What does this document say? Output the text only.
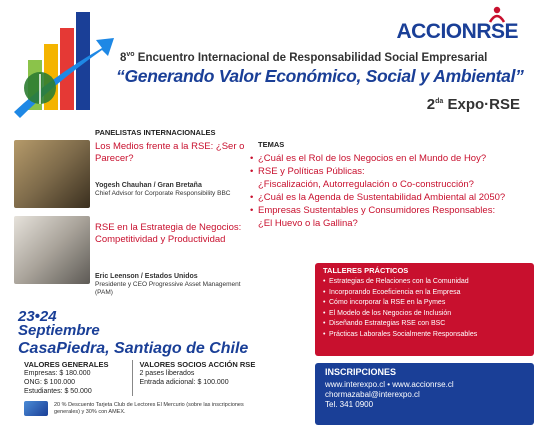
ACCIONRSE
$8^{vo}$ Encuentro Internacional de Responsabilidad Social Empresarial
“Generando Valor Económico, Social y Ambiental”
$2^{da}$ Expo·RSE
PANELISTAS INTERNACIONALES
Los Medios frente a la RSE: ¿Ser o Parecer?
Yogesh Chauhan / Gran Bretaña
Chief Advisor for Corporate Responsibility BBC
RSE en la Estrategia de Negocios: Competitividad y Productividad
Eric Leenson / Estados Unidos
Presidente y CEO Progressive Asset Management (PAM)
TEMAS
• ¿Cuál es el Rol de los Negocios en el Mundo de Hoy?
• RSE y Políticas Públicas:
¿Fiscalización, Autorregulación o Co-construcción?
• ¿Cuál es la Agenda de Sustentabilidad Ambiental al 2050?
• Empresas Sustentables y Consumidores Responsables:
¿El Huevo o la Gallina?
TALLERES PRÁCTICOS
• Estrategias de Relaciones con la Comunidad
• Incorporando Ecoeficiencia en la Empresa
• Cómo incorporar la RSE en la Pymes
• El Modelo de los Negocios de Inclusión
• Diseñando Estrategias RSE con BSC
• Prácticas Laborales Socialmente Responsables
23•24
Septiembre
CasaPiedra, Santiago de Chile
VALORES GENERALES
Empresas: $ 180.000
ONG: $ 100.000
Estudiantes: $ 50.000
VALORES SOCIOS ACCIÓN RSE
2 pases liberados
Entrada adicional: $ 100.000
20 % Descuento Tarjeta Club de Lectores El Mercurio (sobre las inscripciones generales) y 30% con AMEX.
INSCRIPCIONES
www.interexpo.cl • www.accionrse.cl
chormazabal@interexpo.cl
Tel. 341 0900
